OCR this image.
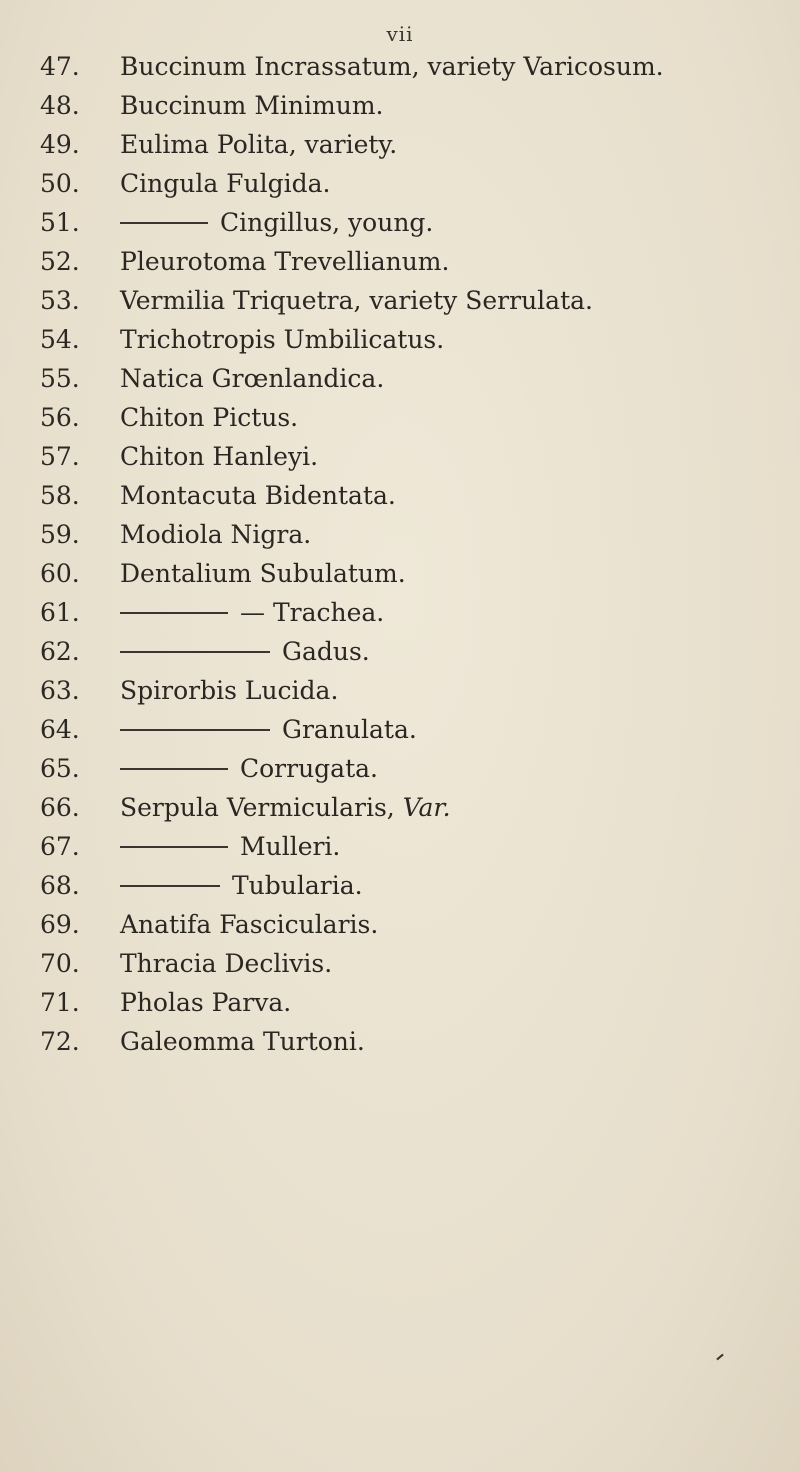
vii
47.	Buccinum Incrassatum, variety Varicosum.
48.	Buccinum Minimum.
49.	Eulima Polita, variety.
50.	Cingula Fulgida.
51.	Cingillus, young.
52.	Pleurotoma Trevellianum.
53.	Vermilia Triquetra, variety Serrulata.
54.	Trichotropis Umbilicatus.
55.	Natica Grœnlandica.
56.	Chiton Pictus.
57.	Chiton Hanleyi.
58.	Montacuta Bidentata.
59.	Modiola Nigra.
60.	Dentalium Subulatum.
61.	— Trachea.
62.	Gadus.
63.	Spirorbis Lucida.
64.	Granulata.
65.	Corrugata.
66.	Serpula Vermicularis, Var.
67.	Mulleri.
68.	Tubularia.
69.	Anatifa Fascicularis.
70.	Thracia Declivis.
71.	Pholas Parva.
72.	Galeomma Turtoni.
